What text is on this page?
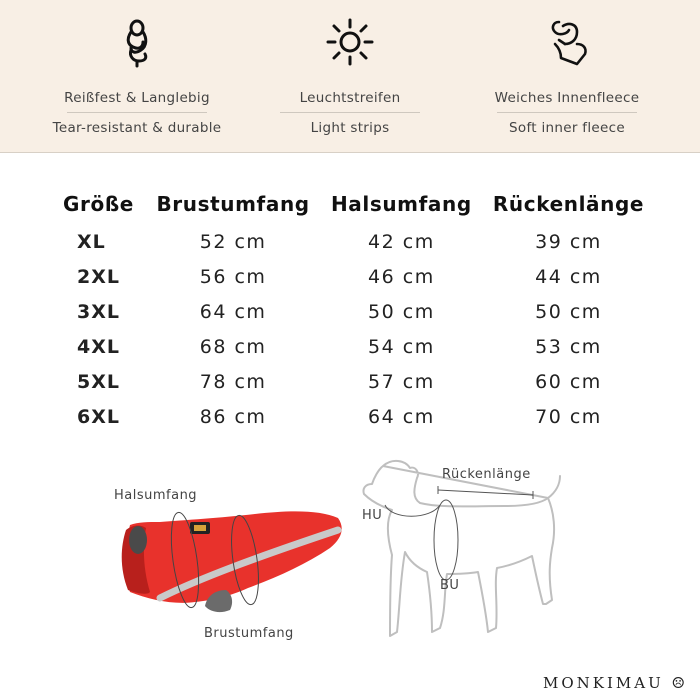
Reißfest & Langlebig
Tear-resistant & durable
Leuchtstreifen
Light strips
Weiches Innenfleece
Soft inner fleece
Größe	Brustumfang	Halsumfang	Rückenlänge
XL	52 cm	42 cm	39 cm
2XL	56 cm	46 cm	44 cm
3XL	64 cm	50 cm	50 cm
4XL	68 cm	54 cm	53 cm
5XL	78 cm	57 cm	60 cm
6XL	86 cm	64 cm	70 cm
Halsumfang
Brustumfang
Rückenlänge
HU
BU
MONKIMAU ☹
